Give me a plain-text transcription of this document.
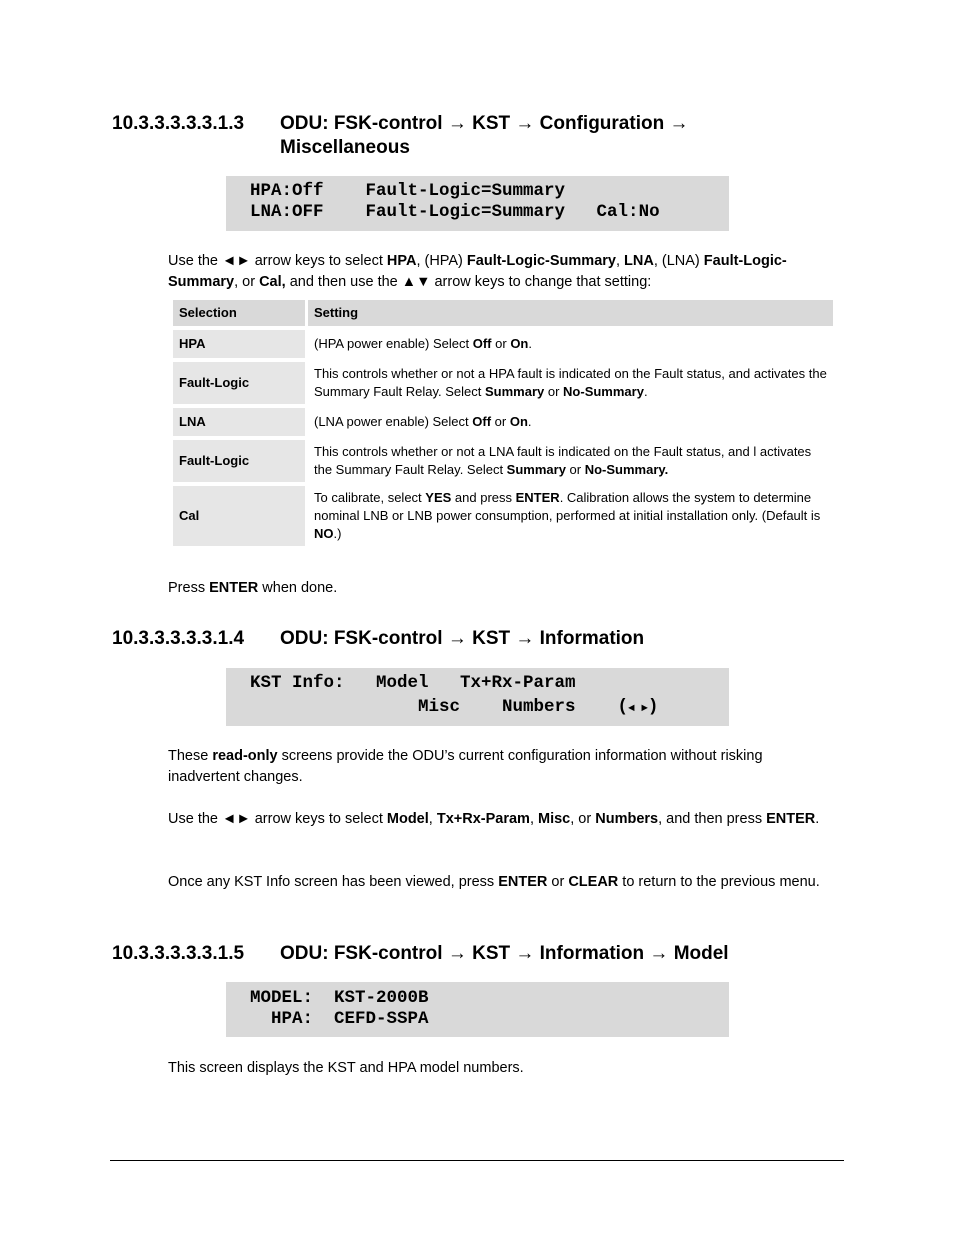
10.3.3.3.3.3.1.3 ODU: FSK-control → KST → Configuration →
Miscellaneous
HPA:Off    Fault-Logic=Summary
LNA:OFF    Fault-Logic=Summary   Cal:No
Use the ◄► arrow keys to select HPA, (HPA) Fault-Logic-Summary, LNA, (LNA) Fault-Logic-Summary, or Cal, and then use the ▲▼ arrow keys to change that setting:
Selection	Setting
HPA	(HPA power enable) Select Off or On.
Fault-Logic	This controls whether or not a HPA fault is indicated on the Fault status, and activates the Summary Fault Relay. Select Summary or No-Summary.
LNA	(LNA power enable) Select Off or On.
Fault-Logic	This controls whether or not a LNA fault is indicated on the Fault status, and l activates the Summary Fault Relay. Select Summary or No-Summary.
Cal	To calibrate, select YES and press ENTER. Calibration allows the system to determine nominal LNB or LNB power consumption, performed at initial installation only. (Default is NO.)
Press ENTER when done.
10.3.3.3.3.3.1.4 ODU: FSK-control → KST → Information
KST Info:   Model   Tx+Rx-Param
Misc    Numbers    (◄ ►)
These read-only screens provide the ODU’s current configuration information without risking inadvertent changes.
Use the ◄► arrow keys to select Model, Tx+Rx-Param, Misc, or Numbers, and then press ENTER.
Once any KST Info screen has been viewed, press ENTER or CLEAR to return to the previous menu.
10.3.3.3.3.3.1.5 ODU: FSK-control → KST → Information → Model
MODEL:  KST-2000B
HPA:  CEFD-SSPA
This screen displays the KST and HPA model numbers.
